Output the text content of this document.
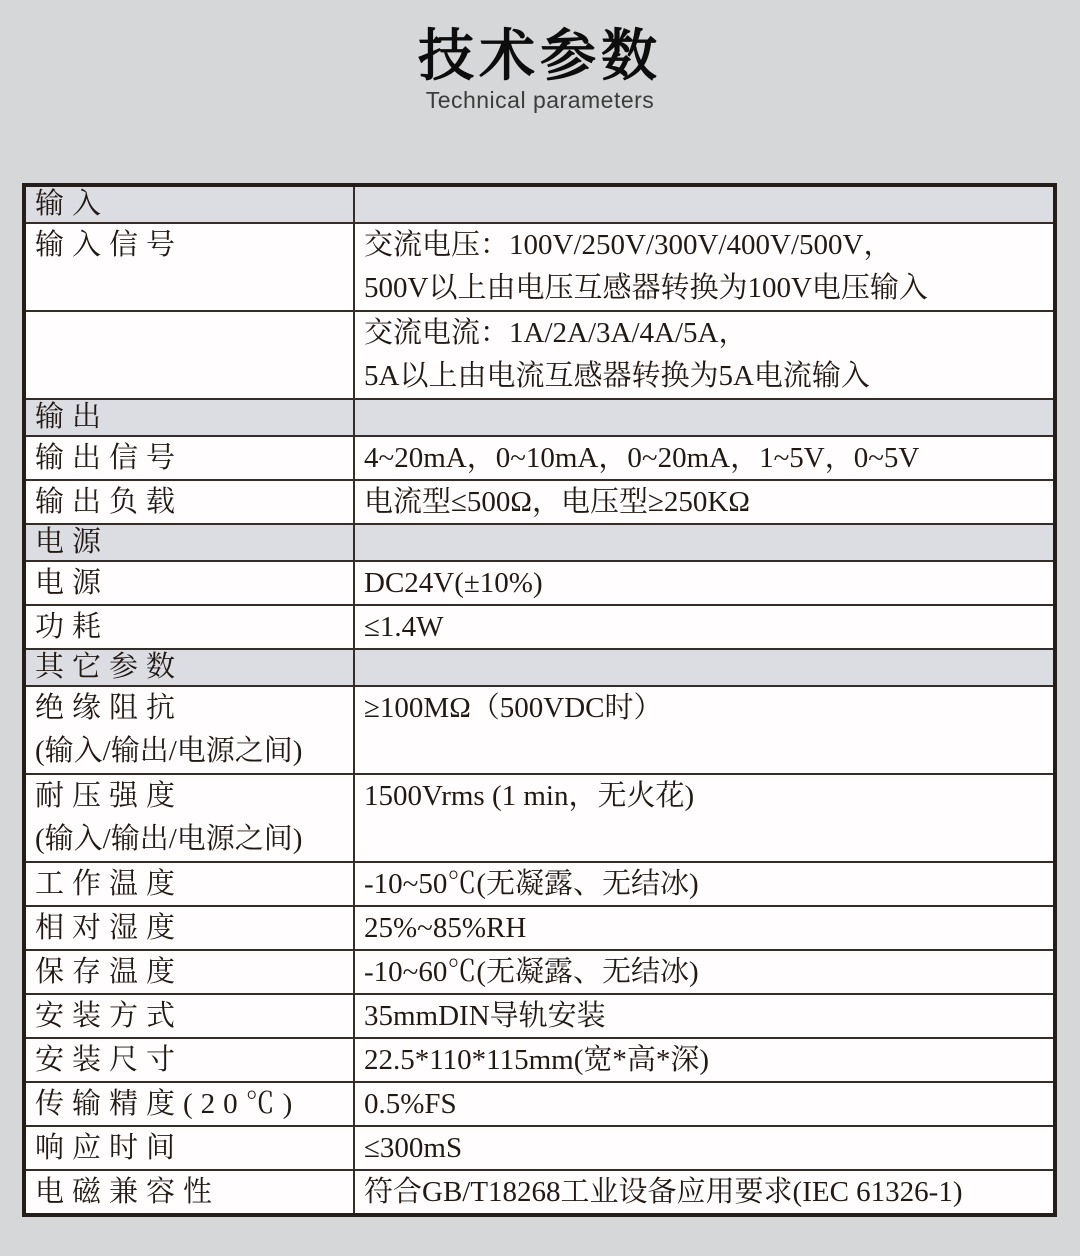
技术参数
Technical parameters
输入	

输入信号	交流电压：100V/250V/300V/400V/500V，
500V以上由电压互感器转换为100V电压输入

	交流电流：1A/2A/3A/4A/5A，
5A以上由电流互感器转换为5A电流输入

输出	

输出信号	4~20mA，0~10mA，0~20mA，1~5V，0~5V

输出负载	电流型≤500Ω，电压型≥250KΩ

电源	

电源	DC24V(±10%)

功耗	≤1.4W

其它参数	

绝缘阻抗
(输入/输出/电源之间)	≥100MΩ（500VDC时）

耐压强度
(输入/输出/电源之间)	1500Vrms (1 min，无火花)

工作温度	-10~50℃(无凝露、无结冰)

相对湿度	25%~85%RH

保存温度	-10~60℃(无凝露、无结冰)

安装方式	35mmDIN导轨安装

安装尺寸	22.5*110*115mm(宽*高*深)

传输精度(20℃)	0.5%FS

响应时间	≤300mS

电磁兼容性	符合GB/T18268工业设备应用要求(IEC 61326-1)
